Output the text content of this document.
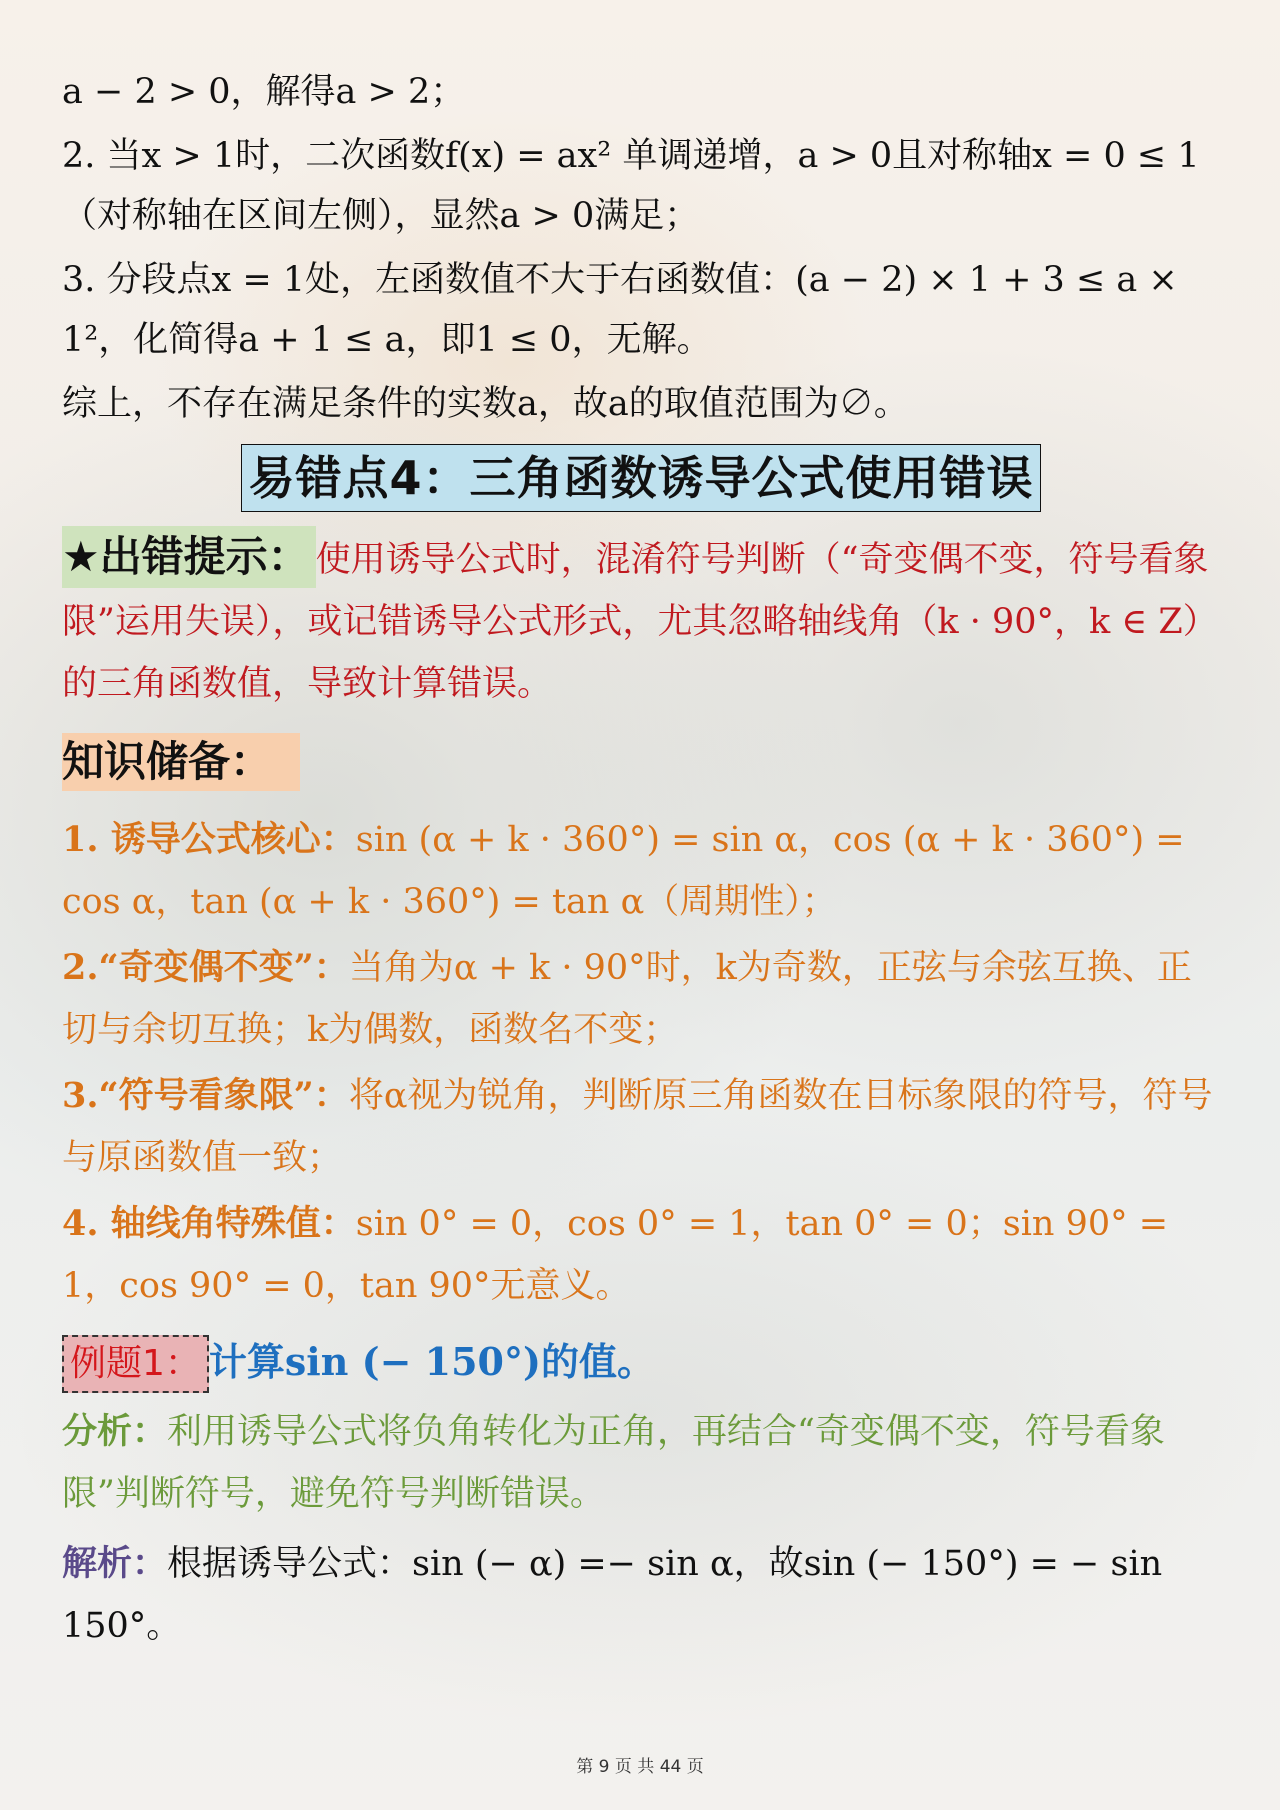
a − 2 > 0，解得a > 2；
2. 当x > 1时，二次函数f(x) = ax² 单调递增，a > 0且对称轴x = 0 ≤ 1（对称轴在区间左侧），显然a > 0满足；
3. 分段点x = 1处，左函数值不大于右函数值：(a − 2) × 1 + 3 ≤ a × 1²，化简得a + 1 ≤ a，即1 ≤ 0，无解。
综上，不存在满足条件的实数a，故a的取值范围为∅。
易错点4：三角函数诱导公式使用错误
★出错提示： 使用诱导公式时，混淆符号判断（“奇变偶不变，符号看象限”运用失误），或记错诱导公式形式，尤其忽略轴线角（k · 90°，k ∈ Z）的三角函数值，导致计算错误。
知识储备：
1. 诱导公式核心：sin (α + k · 360°) = sin α，cos (α + k · 360°) = cos α，tan (α + k · 360°) = tan α（周期性）；
2.“奇变偶不变”：当角为α + k · 90°时，k为奇数，正弦与余弦互换、正切与余切互换；k为偶数，函数名不变；
3.“符号看象限”：将α视为锐角，判断原三角函数在目标象限的符号，符号与原函数值一致；
4. 轴线角特殊值：sin 0° = 0，cos 0° = 1，tan 0° = 0；sin 90° = 1，cos 90° = 0，tan 90°无意义。
例题1： 计算sin (− 150°)的值。
分析：利用诱导公式将负角转化为正角，再结合“奇变偶不变，符号看象限”判断符号，避免符号判断错误。
解析：根据诱导公式：sin (− α) =− sin α，故sin (− 150°) = − sin 150°。
第 9 页 共 44 页
